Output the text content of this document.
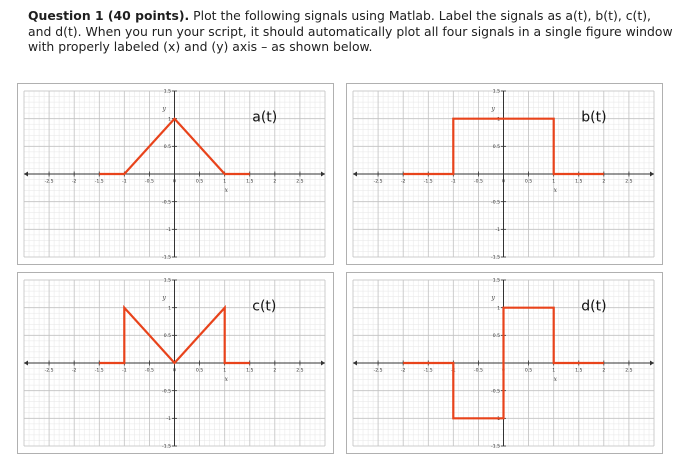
Question 1 (40 points). Plot the following signals using Matlab. Label the signals as a(t), b(t), c(t), and d(t). When you run your script, it should automatically plot all four signals in a single figure window with properly labeled (x) and (y) axis – as shown below.
-2.5	-2	-1.5	-1	-0.5	0	0.5	1	1.5	2	2.5
1.5
1
0.5
-0.5
-1
-1.5
x
y
a(t)
-2.5	-2	-1.5	-1	-0.5	0	0.5	1	1.5	2	2.5
1.5
1
0.5
-0.5
-1
-1.5
x
y
b(t)
-2.5	-2	-1.5	-1	-0.5	0	0.5	1	1.5	2	2.5
1.5
1
0.5
-0.5
-1
-1.5
x
y
c(t)
-2.5	-2	-1.5	-1	-0.5	0	0.5	1	1.5	2	2.5
1.5
1
0.5
-0.5
-1
-1.5
x
y
d(t)
